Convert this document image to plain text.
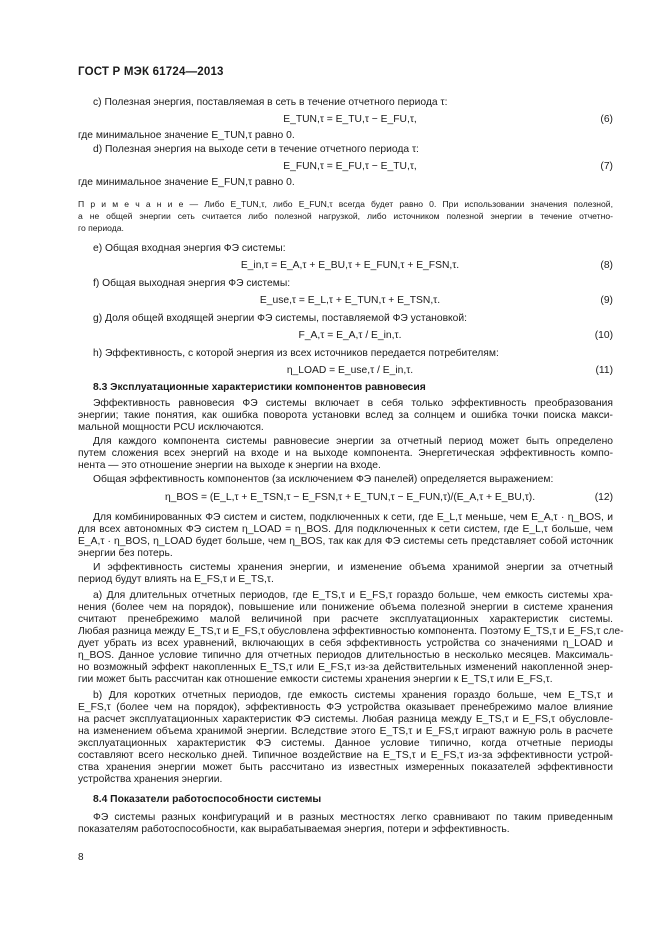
ГОСТ Р МЭК 61724—2013
c) Полезная энергия, поставляемая в сеть в течение отчетного периода τ:
E_TUN,τ = E_TU,τ − E_FU,τ,	(6)
где минимальное значение E_TUN,τ равно 0.
d) Полезная энергия на выходе сети в течение отчетного периода τ:
E_FUN,τ = E_FU,τ − E_TU,τ,	(7)
где минимальное значение E_FUN,τ равно 0.
П р и м е ч а н и е — Либо E_TUN,τ, либо E_FUN,τ всегда будет равно 0. При использовании значения полезной,
а не общей энергии сеть считается либо полезной нагрузкой, либо источником полезной энергии в течение отчетно-
го периода.
e) Общая входная энергия ФЭ системы:
E_in,τ = E_A,τ + E_BU,τ + E_FUN,τ + E_FSN,τ.	(8)
f) Общая выходная энергия ФЭ системы:
E_use,τ = E_L,τ + E_TUN,τ + E_TSN,τ.	(9)
g) Доля общей входящей энергии ФЭ системы, поставляемой ФЭ установкой:
F_A,τ = E_A,τ / E_in,τ.	(10)
h) Эффективность, с которой энергия из всех источников передается потребителям:
η_LOAD = E_use,τ / E_in,τ.	(11)
8.3 Эксплуатационные характеристики компонентов равновесия
Эффективность равновесия ФЭ системы включает в себя только эффективность преобразования
энергии; такие понятия, как ошибка поворота установки вслед за солнцем и ошибка точки поиска макси-
мальной мощности PCU исключаются.
Для каждого компонента системы равновесие энергии за отчетный период может быть определено
путем сложения всех энергий на входе и на выходе компонента. Энергетическая эффективность компо-
нента — это отношение энергии на выходе к энергии на входе.
Общая эффективность компонентов (за исключением ФЭ панелей) определяется выражением:
η_BOS = (E_L,τ + E_TSN,τ − E_FSN,τ + E_TUN,τ − E_FUN,τ)/(E_A,τ + E_BU,τ).	(12)
Для комбинированных ФЭ систем и систем, подключенных к сети, где E_L,τ меньше, чем E_A,τ · η_BOS, и
для всех автономных ФЭ систем η_LOAD = η_BOS. Для подключенных к сети систем, где E_L,τ больше, чем
E_A,τ · η_BOS, η_LOAD будет больше, чем η_BOS, так как для ФЭ системы сеть представляет собой источник
энергии без потерь.
И эффективность системы хранения энергии, и изменение объема хранимой энергии за отчетный
период будут влиять на E_FS,τ и E_TS,τ.
a) Для длительных отчетных периодов, где E_TS,τ и E_FS,τ гораздо больше, чем емкость системы хра-
нения (более чем на порядок), повышение или понижение объема полезной энергии в системе хранения
считают пренебрежимо малой величиной при расчете эксплуатационных характеристик системы.
Любая разница между E_TS,τ и E_FS,τ обусловлена эффективностью компонента. Поэтому E_TS,τ и E_FS,τ сле-
дует убрать из всех уравнений, включающих в себя эффективность устройства со значениями η_LOAD и
η_BOS. Данное условие типично для отчетных периодов длительностью в несколько месяцев. Максималь-
но возможный эффект накопленных E_TS,τ или E_FS,τ из-за действительных изменений накопленной энер-
гии может быть рассчитан как отношение емкости системы хранения энергии к E_TS,τ или E_FS,τ.
b) Для коротких отчетных периодов, где емкость системы хранения гораздо больше, чем E_TS,τ и
E_FS,τ (более чем на порядок), эффективность ФЭ устройства оказывает пренебрежимо малое влияние
на расчет эксплуатационных характеристик ФЭ системы. Любая разница между E_TS,τ и E_FS,τ обусловле-
на изменением объема хранимой энергии. Вследствие этого E_TS,τ и E_FS,τ играют важную роль в расчете
эксплуатационных характеристик ФЭ системы. Данное условие типично, когда отчетные периоды
составляют всего несколько дней. Типичное воздействие на E_TS,τ и E_FS,τ из-за эффективности устрой-
ства хранения энергии может быть рассчитано из известных измеренных показателей эффективности
устройства хранения энергии.
8.4 Показатели работоспособности системы
ФЭ системы разных конфигураций и в разных местностях легко сравнивают по таким приведенным
показателям работоспособности, как вырабатываемая энергия, потери и эффективность.
8
